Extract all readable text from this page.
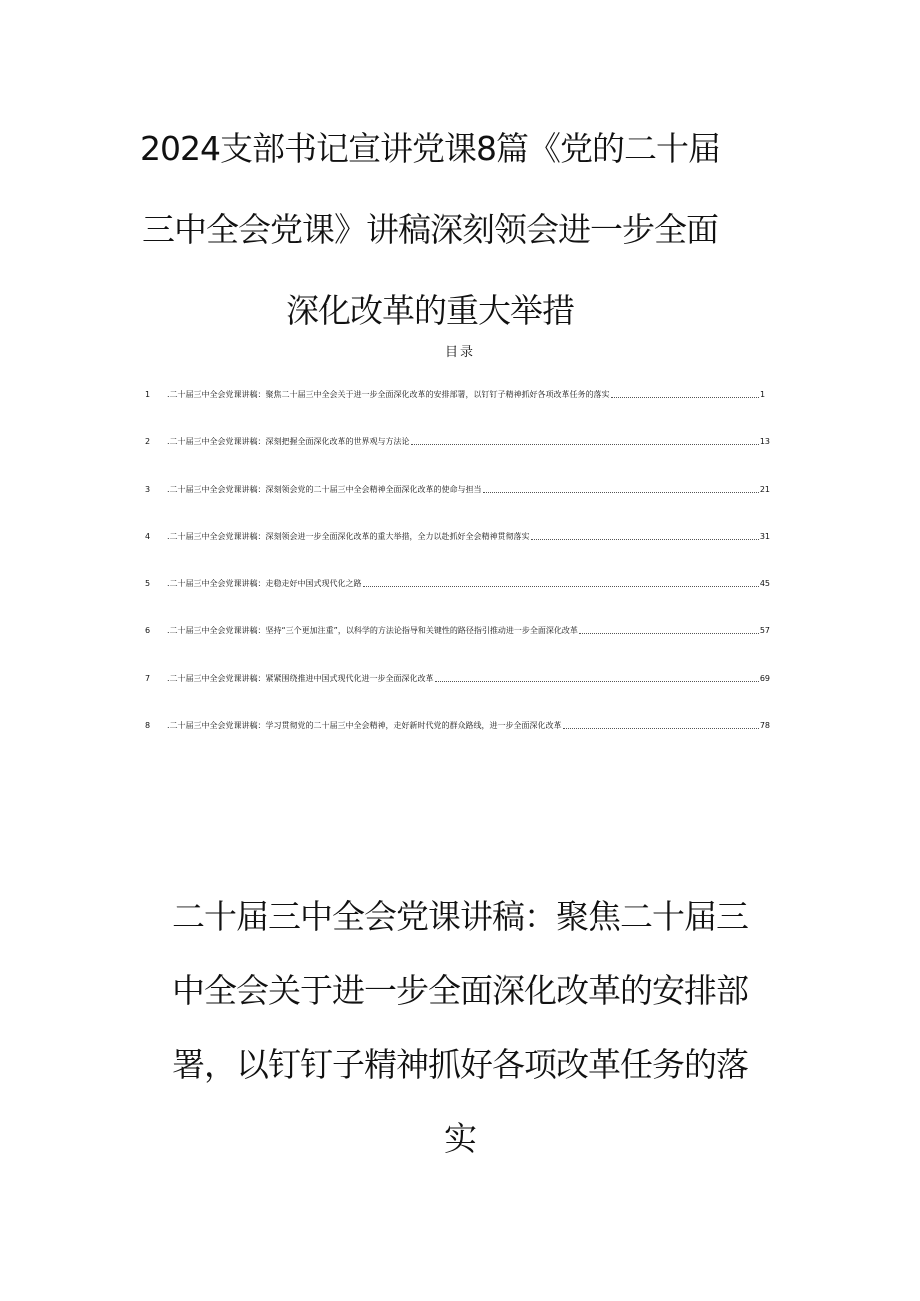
2024支部书记宣讲党课8篇《党的二十届
三中全会党课》讲稿深刻领会进一步全面
深化改革的重大举措
目录
1	.二十届三中全会党课讲稿：聚焦二十届三中全会关于进一步全面深化改革的安排部署，以钉钉子精神抓好各项改革任务的落实	1
2	.二十届三中全会党课讲稿：深刻把握全面深化改革的世界观与方法论	13
3	.二十届三中全会党课讲稿：深刻领会党的二十届三中全会精神全面深化改革的使命与担当	21
4	.二十届三中全会党课讲稿：深刻领会进一步全面深化改革的重大举措，全力以赴抓好全会精神贯彻落实	31
5	.二十届三中全会党课讲稿：走稳走好中国式现代化之路	45
6	.二十届三中全会党课讲稿：坚持“三个更加注重”，以科学的方法论指导和关键性的路径指引推动进一步全面深化改革	57
7	.二十届三中全会党课讲稿：紧紧围绕推进中国式现代化进一步全面深化改革	69
8	.二十届三中全会党课讲稿：学习贯彻党的二十届三中全会精神，走好新时代党的群众路线，进一步全面深化改革	78
二十届三中全会党课讲稿：聚焦二十届三
中全会关于进一步全面深化改革的安排部
署，以钉钉子精神抓好各项改革任务的落
实
